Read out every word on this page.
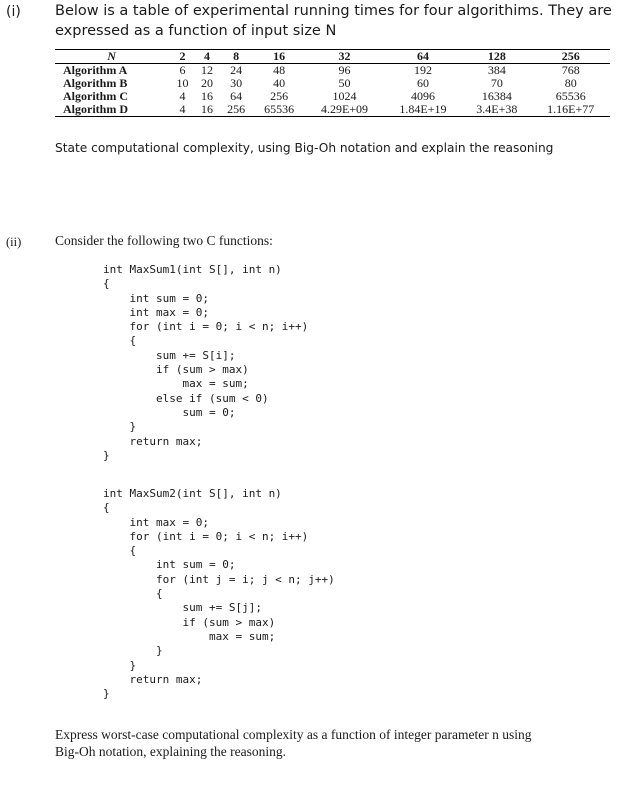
(i) Below is a table of experimental running times for four algorithims. They are
expressed as a function of input size N
N	2	4	8	16	32	64	128	256
Algorithm A	6	12	24	48	96	192	384	768
Algorithm B	10	20	30	40	50	60	70	80
Algorithm C	4	16	64	256	1024	4096	16384	65536
Algorithm D	4	16	256	65536	4.29E+09	1.84E+19	3.4E+38	1.16E+77
State computational complexity, using Big-Oh notation and explain the reasoning
(ii) Consider the following two C functions:
int MaxSum1(int S[], int n)
{
int sum = 0;
int max = 0;
for (int i = 0; i < n; i++)
{
sum += S[i];
if (sum > max)
max = sum;
else if (sum < 0)
sum = 0;
}
return max;
}
int MaxSum2(int S[], int n)
{
int max = 0;
for (int i = 0; i < n; i++)
{
int sum = 0;
for (int j = i; j < n; j++)
{
sum += S[j];
if (sum > max)
max = sum;
}
}
return max;
}
Express worst-case computational complexity as a function of integer parameter n using
Big-Oh notation, explaining the reasoning.
